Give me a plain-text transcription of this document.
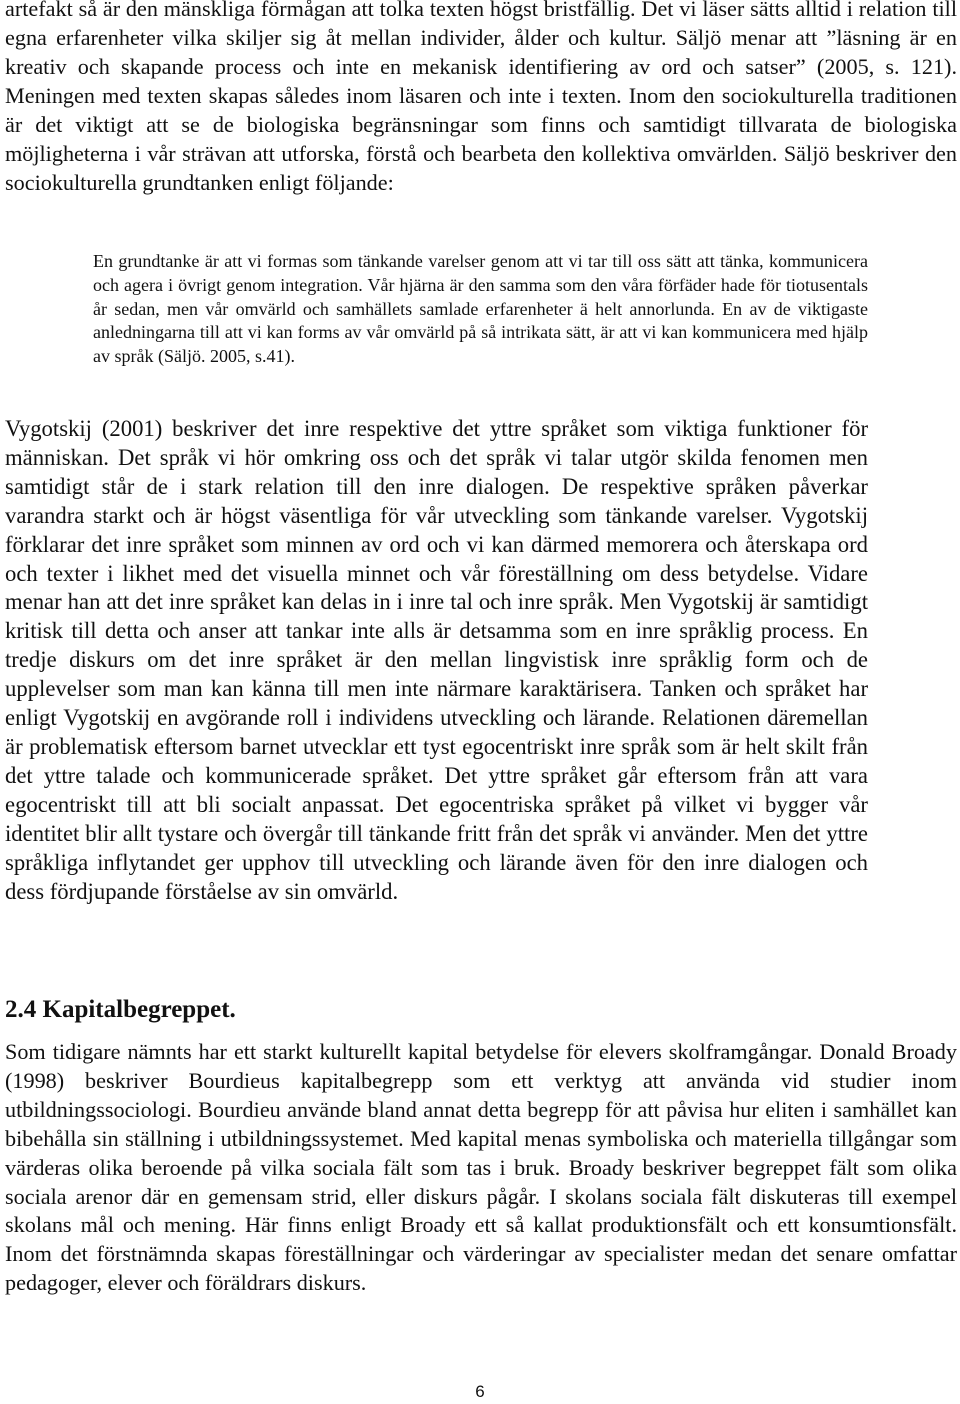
artefakt så är den mänskliga förmågan att tolka texten högst bristfällig. Det vi läser sätts alltid i relation till egna erfarenheter vilka skiljer sig åt mellan individer, ålder och kultur. Säljö menar att ”läsning är en kreativ och skapande process och inte en mekanisk identifiering av ord och satser” (2005, s. 121). Meningen med texten skapas således inom läsaren och inte i texten. Inom den sociokulturella traditionen är det viktigt att se de biologiska begränsningar som finns och samtidigt tillvarata de biologiska möjligheterna i vår strävan att utforska, förstå och bearbeta den kollektiva omvärlden. Säljö beskriver den sociokulturella grundtanken enligt följande:

En grundtanke är att vi formas som tänkande varelser genom att vi tar till oss sätt att tänka, kommunicera och agera i övrigt genom integration. Vår hjärna är den samma som den våra förfäder hade för tiotusentals år sedan, men vår omvärld och samhällets samlade erfarenheter ä helt annorlunda. En av de viktigaste anledningarna till att vi kan forms av vår omvärld på så intrikata sätt, är att vi kan kommunicera med hjälp av språk (Säljö. 2005, s.41).

Vygotskij (2001) beskriver det inre respektive det yttre språket som viktiga funktioner för människan. Det språk vi hör omkring oss och det språk vi talar utgör skilda fenomen men samtidigt står de i stark relation till den inre dialogen. De respektive språken påverkar varandra starkt och är högst väsentliga för vår utveckling som tänkande varelser. Vygotskij förklarar det inre språket som minnen av ord och vi kan därmed memorera och återskapa ord och texter i likhet med det visuella minnet och vår föreställning om dess betydelse. Vidare menar han att det inre språket kan delas in i inre tal och inre språk. Men Vygotskij är samtidigt kritisk till detta och anser att tankar inte alls är detsamma som en inre språklig process. En tredje diskurs om det inre språket är den mellan lingvistisk inre språklig form och de upplevelser som man kan känna till men inte närmare karaktärisera. Tanken och språket har enligt Vygotskij en avgörande roll i individens utveckling och lärande. Relationen däremellan är problematisk eftersom barnet utvecklar ett tyst egocentriskt inre språk som är helt skilt från det yttre talade och kommunicerade språket. Det yttre språket går eftersom från att vara egocentriskt till att bli socialt anpassat. Det egocentriska språket på vilket vi bygger vår identitet blir allt tystare och övergår till tänkande fritt från det språk vi använder. Men det yttre språkliga inflytandet ger upphov till utveckling och lärande även för den inre dialogen och dess fördjupande förståelse av sin omvärld.

2.4 Kapitalbegreppet.

Som tidigare nämnts har ett starkt kulturellt kapital betydelse för elevers skolframgångar. Donald Broady (1998) beskriver Bourdieus kapitalbegrepp som ett verktyg att använda vid studier inom utbildningssociologi. Bourdieu använde bland annat detta begrepp för att påvisa hur eliten i samhället kan bibehålla sin ställning i utbildningssystemet. Med kapital menas symboliska och materiella tillgångar som värderas olika beroende på vilka sociala fält som tas i bruk. Broady beskriver begreppet fält som olika sociala arenor där en gemensam strid, eller diskurs pågår. I skolans sociala fält diskuteras till exempel skolans mål och mening. Här finns enligt Broady ett så kallat produktionsfält och ett konsumtionsfält. Inom det förstnämnda skapas föreställningar och värderingar av specialister medan det senare omfattar pedagoger, elever och föräldrars diskurs.

6
